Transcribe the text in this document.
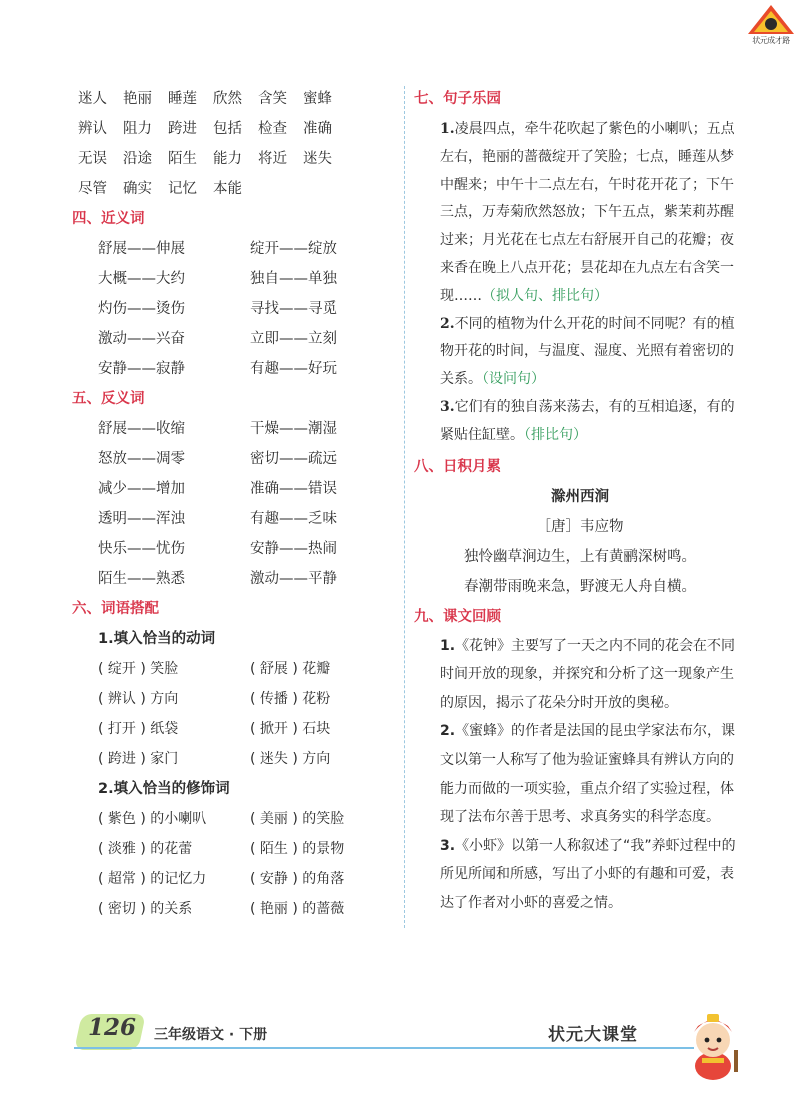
状元成才路
迷人 艳丽 睡莲 欣然 含笑 蜜蜂
辨认 阻力 跨进 包括 检查 准确
无误 沿途 陌生 能力 将近 迷失
尽管 确实 记忆 本能
四、近义词
舒展——伸展	绽开——绽放
大概——大约	独自——单独
灼伤——烫伤	寻找——寻觅
激动——兴奋	立即——立刻
安静——寂静	有趣——好玩
五、反义词
舒展——收缩	干燥——潮湿
怒放——凋零	密切——疏远
减少——增加	准确——错误
透明——浑浊	有趣——乏味
快乐——忧伤	安静——热闹
陌生——熟悉	激动——平静
六、词语搭配
1.填入恰当的动词
( 绽开 ) 笑脸	( 舒展 ) 花瓣
( 辨认 ) 方向	( 传播 ) 花粉
( 打开 ) 纸袋	( 掀开 ) 石块
( 跨进 ) 家门	( 迷失 ) 方向
2.填入恰当的修饰词
( 紫色 ) 的小喇叭	( 美丽 ) 的笑脸
( 淡雅 ) 的花蕾	( 陌生 ) 的景物
( 超常 ) 的记忆力	( 安静 ) 的角落
( 密切 ) 的关系	( 艳丽 ) 的蔷薇
七、句子乐园
1.凌晨四点，牵牛花吹起了紫色的小喇叭；五点左右，艳丽的蔷薇绽开了笑脸；七点，睡莲从梦中醒来；中午十二点左右，午时花开花了；下午三点，万寿菊欣然怒放；下午五点，紫茉莉苏醒过来；月光花在七点左右舒展开自己的花瓣；夜来香在晚上八点开花；昙花却在九点左右含笑一现……（拟人句、排比句）
2.不同的植物为什么开花的时间不同呢？有的植物开花的时间，与温度、湿度、光照有着密切的关系。（设问句）
3.它们有的独自荡来荡去，有的互相追逐，有的紧贴住缸壁。（排比句）
八、日积月累
滁州西涧
［唐］韦应物
独怜幽草涧边生，上有黄鹂深树鸣。
春潮带雨晚来急，野渡无人舟自横。
九、课文回顾
1.《花钟》主要写了一天之内不同的花会在不同时间开放的现象，并探究和分析了这一现象产生的原因，揭示了花朵分时开放的奥秘。
2.《蜜蜂》的作者是法国的昆虫学家法布尔，课文以第一人称写了他为验证蜜蜂具有辨认方向的能力而做的一项实验，重点介绍了实验过程，体现了法布尔善于思考、求真务实的科学态度。
3.《小虾》以第一人称叙述了“我”养虾过程中的所见所闻和所感，写出了小虾的有趣和可爱，表达了作者对小虾的喜爱之情。
126 三年级语文 · 下册	状元大课堂
